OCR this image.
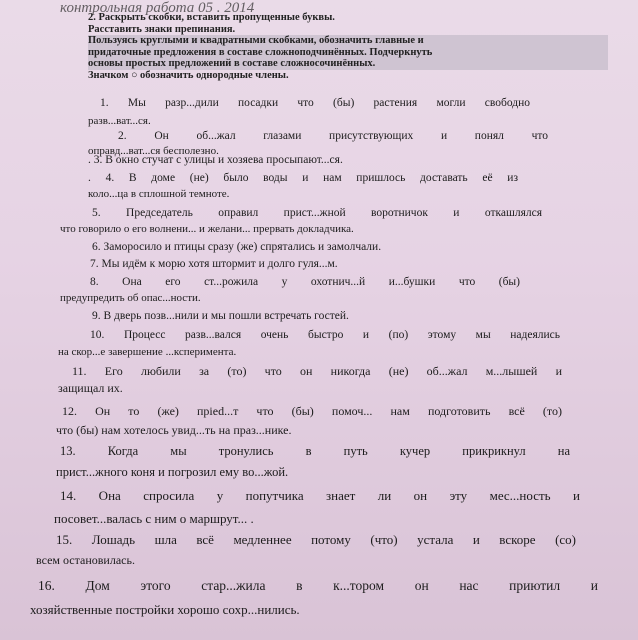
контрольная работа 05 . 2014
2. Раскрыть скобки, вставить пропущенные буквы.
Расставить знаки препинания.
Пользуясь круглыми и квадратными скобками, обозначить главные и
придаточные предложения в составе сложноподчинённых. Подчеркнуть
основы простых предложений в составе сложносочинённых.
Значком ○ обозначить однородные члены.
1. Мы разр...дили посадки что (бы) растения могли свободно
разв...ват...ся.
2. Он об...жал глазами присутствующих и понял что
оправд...ват...ся бесполезно.
. 3. В окно стучат с улицы и хозяева просыпают...ся.
. 4. В доме (не) было воды и нам пришлось доставать её из
коло...ца в сплошной темноте.
5. Председатель оправил прист...жной воротничок и откашлялся
что говорило о его волнени... и желани... прервать докладчика.
6. Заморосило и птицы сразу (же) спрятались и замолчали.
7. Мы идём к морю хотя штормит и долго гуля...м.
8. Она его ст...рожила у охотнич...й и...бушки что (бы)
предупредить об опас...ности.
9. В дверь позв...нили и мы пошли встречать гостей.
10. Процесс разв...вался очень быстро и (по) этому мы надеялись
на скор...е завершение ...ксперимента.
11. Его любили за (то) что он никогда (не) об...жал м...лышей и
защищал их.
12. Он то (же) прied...т что (бы) помоч... нам подготовить всё (то)
что (бы) нам хотелось увид...ть на праз...нике.
13. Когда мы тронулись в путь кучер прикрикнул на
прист...жного коня и погрозил ему во...жой.
14. Она спросила у попутчика знает ли он эту мес...ность и
посовет...валась с ним о маршрут... .
15. Лошадь шла всё медленнее потому (что) устала и вскоре (со)
всем остановилась.
16. Дом этого стар...жила в к...тором он нас приютил и
хозяйственные постройки хорошо сохр...нились.
